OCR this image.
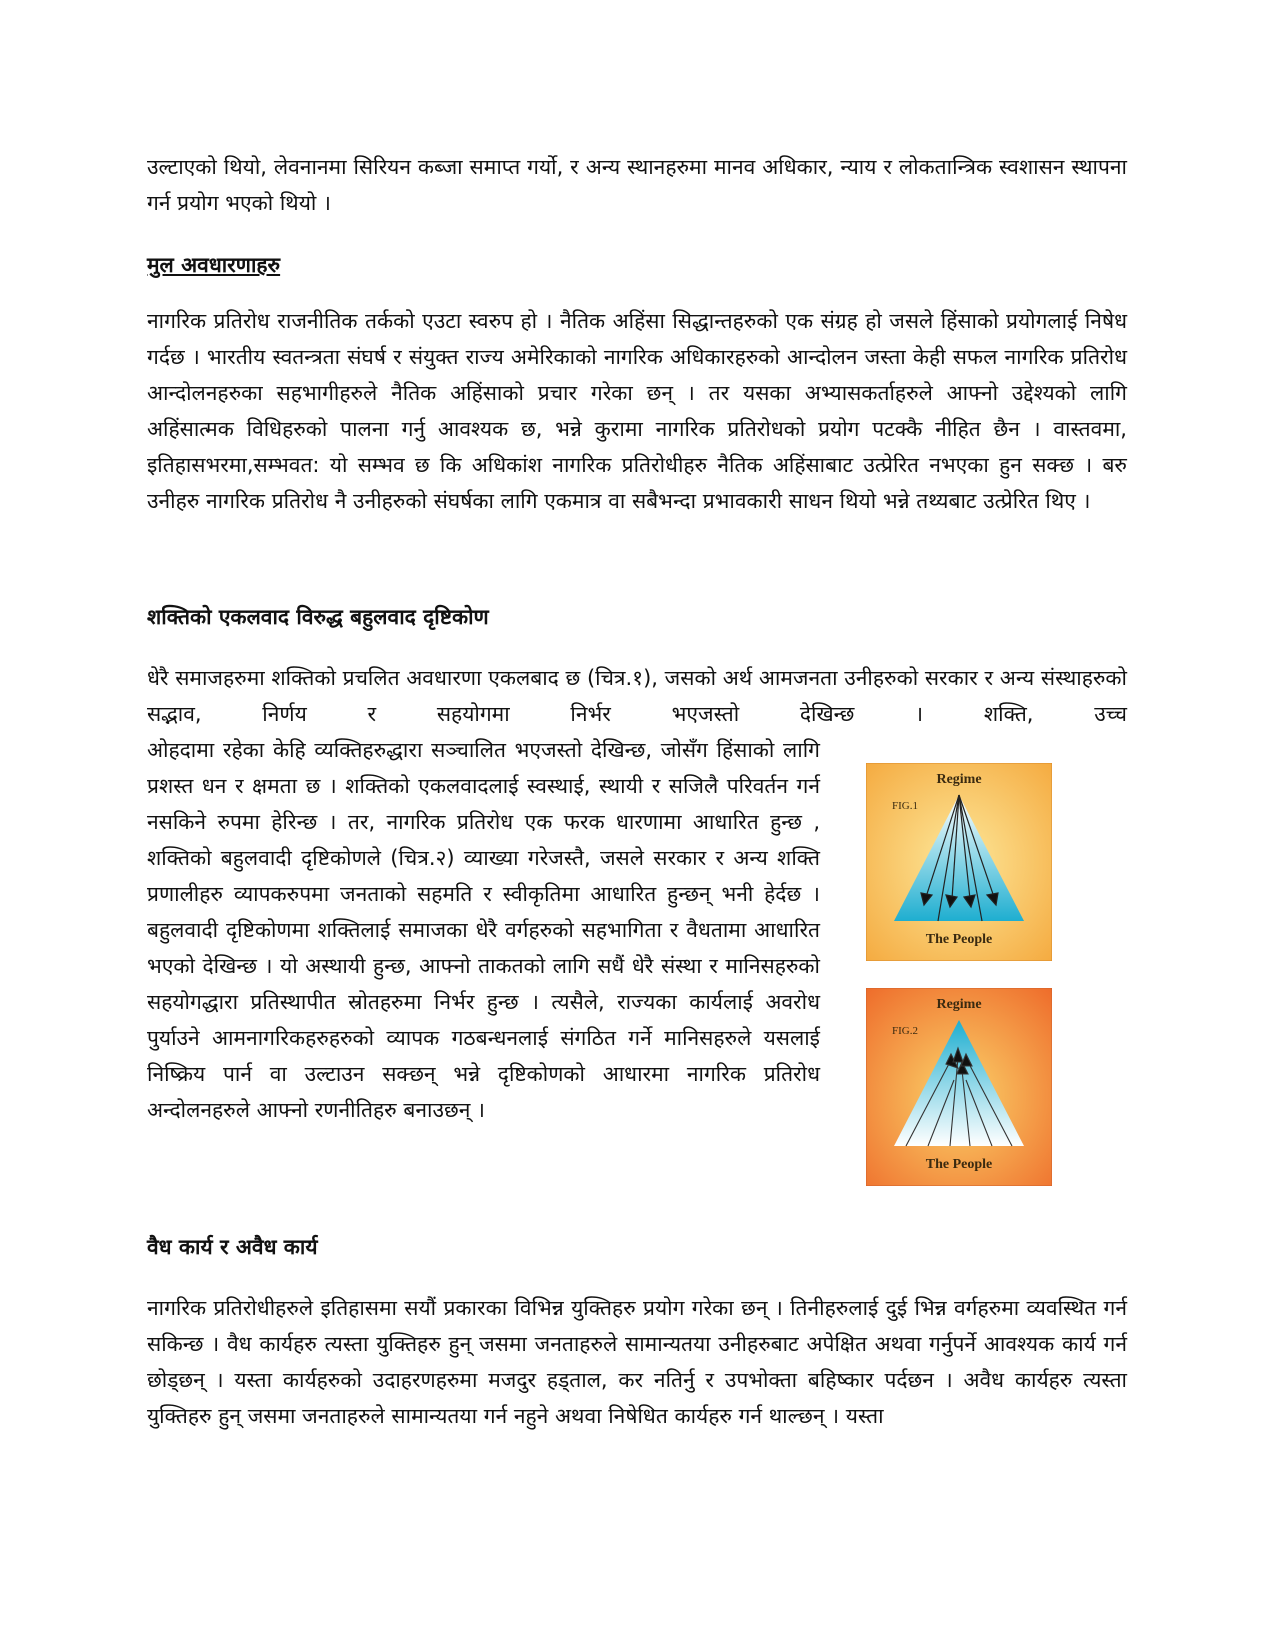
उल्टाएको थियो, लेवनानमा सिरियन कब्जा समाप्त गर्यो, र अन्य स्थानहरुमा मानव अधिकार, न्याय र लोकतान्त्रिक स्वशासन स्थापना गर्न प्रयोग भएको थियो ।

मुल अवधारणाहरु

नागरिक प्रतिरोध राजनीतिक तर्कको एउटा स्वरुप हो । नैतिक अहिंसा सिद्धान्तहरुको एक संग्रह हो जसले हिंसाको प्रयोगलाई निषेध गर्दछ । भारतीय स्वतन्त्रता संघर्ष र संयुक्त राज्य अमेरिकाको नागरिक अधिकारहरुको आन्दोलन जस्ता केही सफल नागरिक प्रतिरोध आन्दोलनहरुका सहभागीहरुले नैतिक अहिंसाको प्रचार गरेका छन् । तर यसका अभ्यासकर्ताहरुले आफ्नो उद्देश्यको लागि अहिंसात्मक विधिहरुको पालना गर्नु आवश्यक छ, भन्ने कुरामा नागरिक प्रतिरोधको प्रयोग पटक्कै नीहित छैन । वास्तवमा, इतिहासभरमा,सम्भवत: यो सम्भव छ कि अधिकांश नागरिक प्रतिरोधीहरु नैतिक अहिंसाबाट उत्प्रेरित नभएका हुन सक्छ । बरु उनीहरु नागरिक प्रतिरोध नै उनीहरुको संघर्षका लागि एकमात्र वा सबैभन्दा प्रभावकारी साधन थियो भन्ने तथ्यबाट उत्प्रेरित थिए ।

शक्तिको एकलवाद विरुद्ध बहुलवाद दृष्टिकोण

धेरै समाजहरुमा शक्तिको प्रचलित अवधारणा एकलबाद छ (चित्र.१), जसको अर्थ आमजनता उनीहरुको सरकार र अन्य संस्थाहरुको सद्भाव, निर्णय र सहयोगमा निर्भर भएजस्तो देखिन्छ । शक्ति, उच्च

ओहदामा रहेका केहि व्यक्तिहरुद्धारा सञ्चालित भएजस्तो देखिन्छ, जोसँग हिंसाको लागि प्रशस्त धन र क्षमता छ । शक्तिको एकलवादलाई स्वस्थाई, स्थायी र सजिलै परिवर्तन गर्न नसकिने रुपमा हेरिन्छ । तर, नागरिक प्रतिरोध एक फरक धारणामा आधारित हुन्छ , शक्तिको बहुलवादी दृष्टिकोणले (चित्र.२) व्याख्या गरेजस्तै, जसले सरकार र अन्य शक्ति प्रणालीहरु व्यापकरुपमा जनताको सहमति र स्वीकृतिमा आधारित हुन्छन् भनी हेर्दछ । बहुलवादी दृष्टिकोणमा शक्तिलाई समाजका धेरै वर्गहरुको सहभागिता र वैधतामा आधारित भएको देखिन्छ । यो अस्थायी हुन्छ, आफ्नो ताकतको लागि सधैं धेरै संस्था र मानिसहरुको सहयोगद्धारा प्रतिस्थापीत स्रोतहरुमा निर्भर हुन्छ । त्यसैले, राज्यका कार्यलाई अवरोध पुर्याउने आमनागरिकहरुहरुको व्यापक गठबन्धनलाई संगठित गर्ने मानिसहरुले यसलाई निष्क्रिय पार्न वा उल्टाउन सक्छन् भन्ने दृष्टिकोणको आधारमा नागरिक प्रतिरोध अन्दोलनहरुले आफ्नो रणनीतिहरु बनाउछन् ।

Regime
FIG.1
The People
Regime
FIG.2
The People
वैध कार्य र अवैध कार्य

नागरिक प्रतिरोधीहरुले इतिहासमा सयौं प्रकारका विभिन्न युक्तिहरु प्रयोग गरेका छन् । तिनीहरुलाई दुई भिन्न वर्गहरुमा व्यवस्थित गर्न सकिन्छ । वैध कार्यहरु त्यस्ता युक्तिहरु हुन् जसमा जनताहरुले सामान्यतया उनीहरुबाट अपेक्षित अथवा गर्नुपर्ने आवश्यक कार्य गर्न छोड्छन् । यस्ता कार्यहरुको उदाहरणहरुमा मजदुर हड्ताल, कर नतिर्नु र उपभोक्ता बहिष्कार पर्दछन । अवैध कार्यहरु त्यस्ता युक्तिहरु हुन् जसमा जनताहरुले सामान्यतया गर्न नहुने अथवा निषेधित कार्यहरु गर्न थाल्छन् । यस्ता
